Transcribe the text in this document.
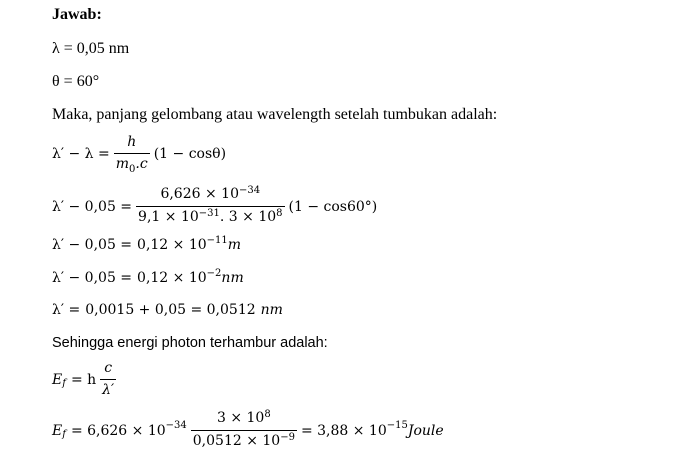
Jawab:
λ = 0,05 nm
θ = 60°
Maka, panjang gelombang atau wavelength setelah tumbukan adalah:
$\lambda' - \lambda = \frac{h}{m_0.c} (1 - \cos\theta)$
$\lambda' - 0,05 = \frac{6,626 \times 10^{-34}}{9,1 \times 10^{-31}. 3 \times 10^8} (1 - \cos 60^\circ)$
$\lambda' - 0,05 = 0,12 \times 10^{-11}$ m
$\lambda' - 0,05 = 0,12 \times 10^{-2}$ nm
λ′ = 0,0015 + 0,05 = 0,0512 nm
Sehingga energi photon terhambur adalah:
$E_f = h \frac{c}{\lambda'}$
$E_f = 6,626 \times 10^{-34} \frac{3 \times 10^8}{0,0512 \times 10^{-9}} = 3,88 \times 10^{-15}$ Joule
